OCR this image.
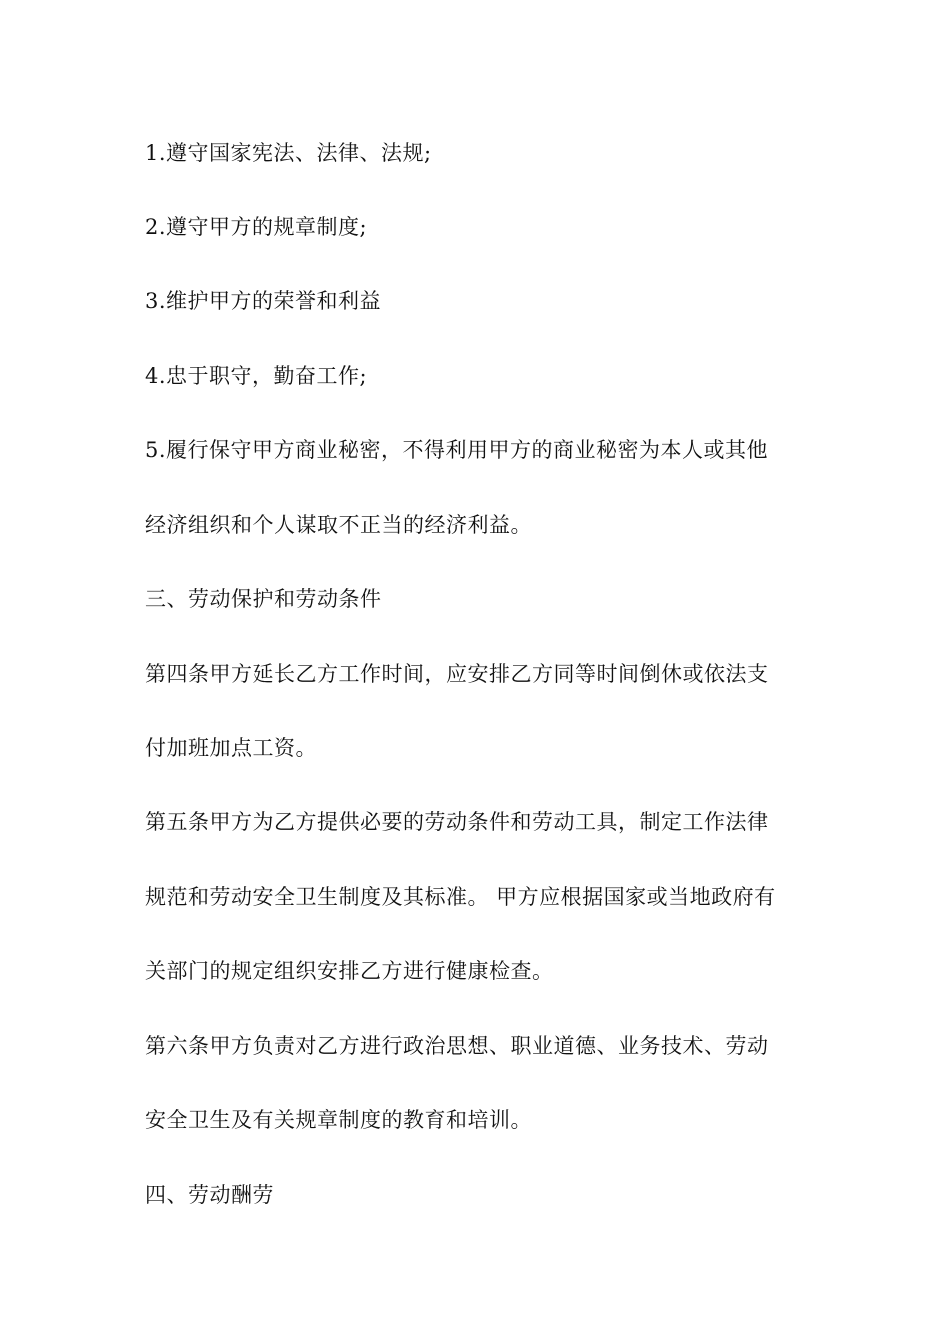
1.遵守国家宪法、法律、法规;
2.遵守甲方的规章制度;
3.维护甲方的荣誉和利益
4.忠于职守，勤奋工作;
5.履行保守甲方商业秘密，不得利用甲方的商业秘密为本人或其他
经济组织和个人谋取不正当的经济利益。
三、劳动保护和劳动条件
第四条甲方延长乙方工作时间，应安排乙方同等时间倒休或依法支
付加班加点工资。
第五条甲方为乙方提供必要的劳动条件和劳动工具，制定工作法律
规范和劳动安全卫生制度及其标准。 甲方应根据国家或当地政府有
关部门的规定组织安排乙方进行健康检查。
第六条甲方负责对乙方进行政治思想、职业道德、业务技术、劳动
安全卫生及有关规章制度的教育和培训。
四、劳动酬劳
